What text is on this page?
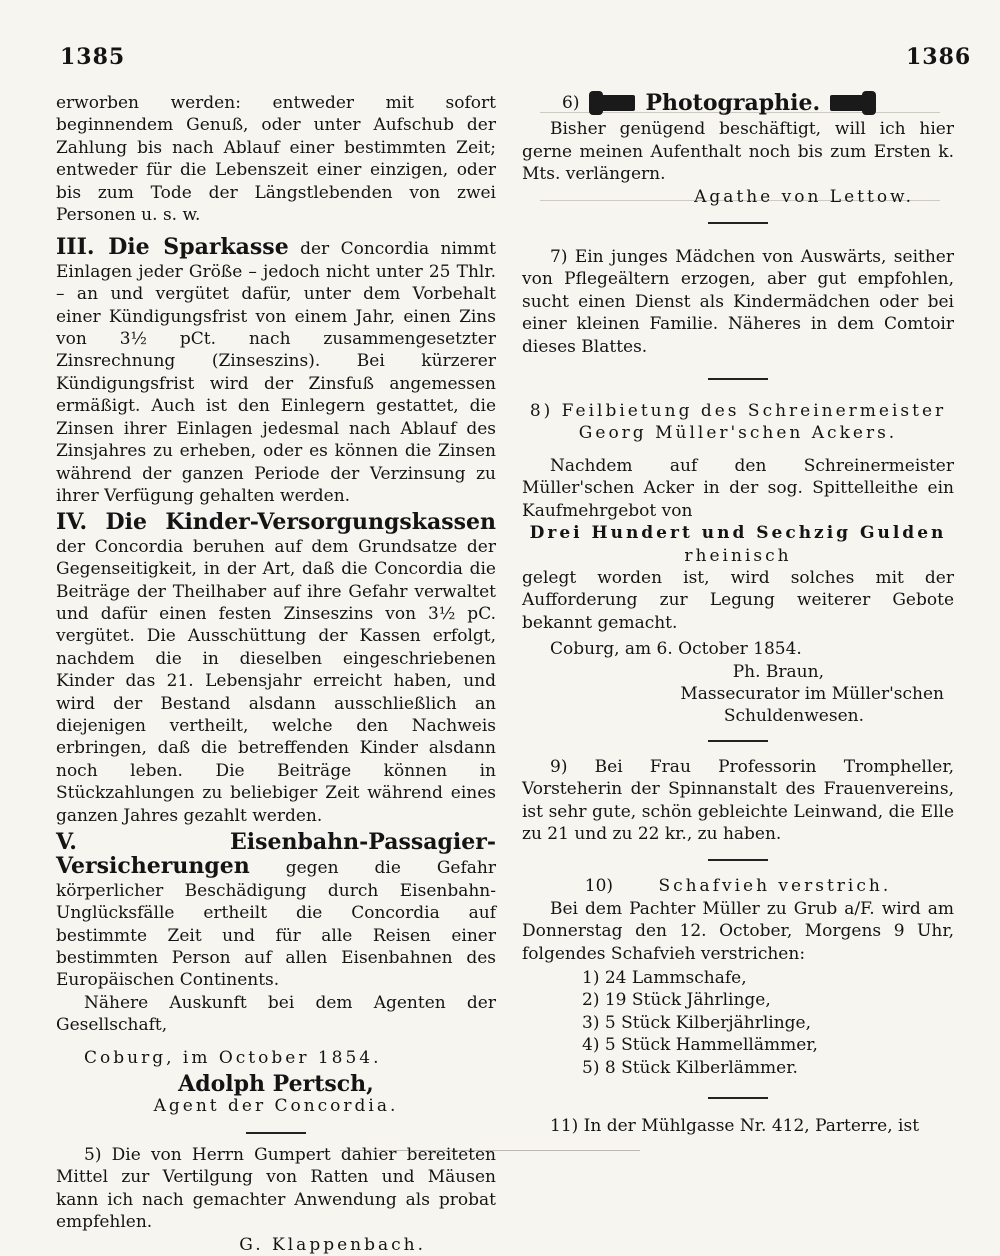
1385	1386

erworben werden: entweder mit sofort beginnendem Genuß, oder unter Aufschub der Zahlung bis nach Ablauf einer bestimmten Zeit; entweder für die Lebenszeit einer einzigen, oder bis zum Tode der Längstlebenden von zwei Personen u. s. w.

III. Die Sparkasse der Concordia nimmt Einlagen jeder Größe – jedoch nicht unter 25 Thlr. – an und vergütet dafür, unter dem Vorbehalt einer Kündigungsfrist von einem Jahr, einen Zins von 3½ pCt. nach zusammengesetzter Zinsrechnung (Zinseszins). Bei kürzerer Kündigungsfrist wird der Zinsfuß angemessen ermäßigt. Auch ist den Einlegern gestattet, die Zinsen ihrer Einlagen jedesmal nach Ablauf des Zinsjahres zu erheben, oder es können die Zinsen während der ganzen Periode der Verzinsung zu ihrer Verfügung gehalten werden.

IV. Die Kinder-Versorgungskassen der Concordia beruhen auf dem Grundsatze der Gegenseitigkeit, in der Art, daß die Concordia die Beiträge der Theilhaber auf ihre Gefahr verwaltet und dafür einen festen Zinseszins von 3½ pC. vergütet. Die Ausschüttung der Kassen erfolgt, nachdem die in dieselben eingeschriebenen Kinder das 21. Lebensjahr erreicht haben, und wird der Bestand alsdann ausschließlich an diejenigen vertheilt, welche den Nachweis erbringen, daß die betreffenden Kinder alsdann noch leben. Die Beiträge können in Stückzahlungen zu beliebiger Zeit während eines ganzen Jahres gezahlt werden.

V. Eisenbahn-Passagier-Versicherungen gegen die Gefahr körperlicher Beschädigung durch Eisenbahn-Unglücksfälle ertheilt die Concordia auf bestimmte Zeit und für alle Reisen einer bestimmten Person auf allen Eisenbahnen des Europäischen Continents.

Nähere Auskunft bei dem Agenten der Gesellschaft,

Coburg, im October 1854.

Adolph Pertsch,

Agent der Concordia.

5) Die von Herrn Gumpert dahier bereiteten Mittel zur Vertilgung von Ratten und Mäusen kann ich nach gemachter Anwendung als probat empfehlen.

G. Klappenbach.

6)	Photographie.

Bisher genügend beschäftigt, will ich hier gerne meinen Aufenthalt noch bis zum Ersten k. Mts. verlängern.

Agathe von Lettow.

7) Ein junges Mädchen von Auswärts, seither von Pflegeältern erzogen, aber gut empfohlen, sucht einen Dienst als Kindermädchen oder bei einer kleinen Familie. Näheres in dem Comtoir dieses Blattes.

8) Feilbietung des Schreinermeister

Georg Müller'schen Ackers.

Nachdem auf den Schreinermeister Müller'schen Acker in der sog. Spittelleithe ein Kaufmehrgebot von

Drei Hundert und Sechzig Gulden

rheinisch

gelegt worden ist, wird solches mit der Aufforderung zur Legung weiterer Gebote bekannt gemacht.

Coburg, am 6. October 1854.

Ph. Braun,

Massecurator im Müller'schen

Schuldenwesen.

9) Bei Frau Professorin Trompheller, Vorsteherin der Spinnanstalt des Frauenvereins, ist sehr gute, schön gebleichte Leinwand, die Elle zu 21 und zu 22 kr., zu haben.

10)	Schafvieh verstrich.

Bei dem Pachter Müller zu Grub a/F. wird am Donnerstag den 12. October, Morgens 9 Uhr, folgendes Schafvieh verstrichen:

1) 24 Lammschafe,
2) 19 Stück Jährlinge,
3) 5 Stück Kilberjährlinge,
4) 5 Stück Hammellämmer,
5) 8 Stück Kilberlämmer.

11) In der Mühlgasse Nr. 412, Parterre, ist
